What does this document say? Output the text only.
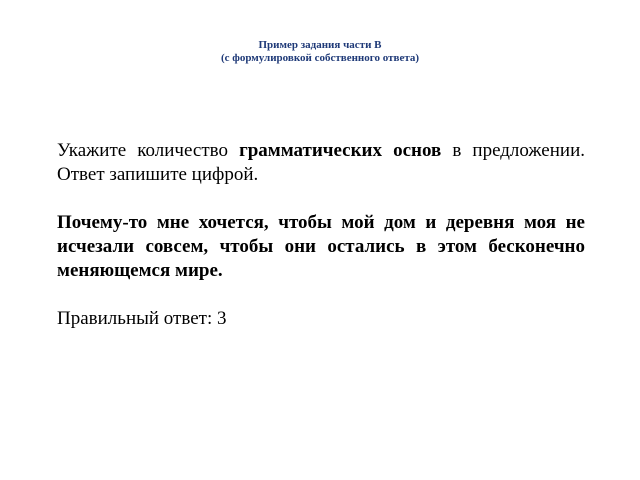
Пример задания части В
(с формулировкой собственного ответа)

Укажите количество грамматических основ в предложении. Ответ запишите цифрой.

Почему-то мне хочется, чтобы мой дом и деревня моя не исчезали совсем, чтобы они остались в этом бесконечно меняющемся мире.

Правильный ответ: 3
